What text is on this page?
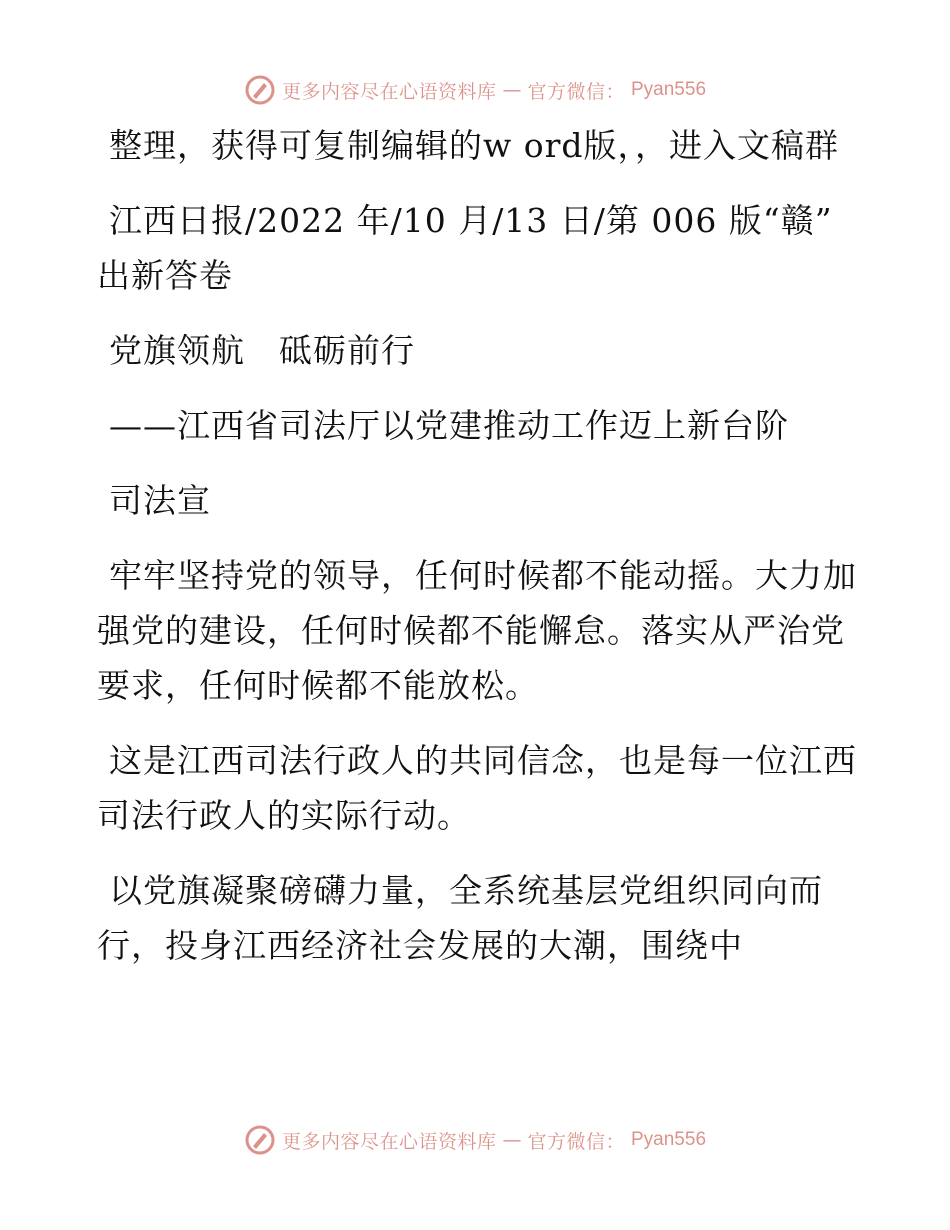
更多内容尽在心语资料库 — 官方微信： Pyan556

整理，获得可复制编辑的w ord版，，进入文稿群

江西日报/2022 年/10 月/13 日/第 006 版“赣” 出新答卷

党旗领航　砥砺前行

——江西省司法厅以党建推动工作迈上新台阶

司法宣

牢牢坚持党的领导，任何时候都不能动摇。大力加强党的建设，任何时候都不能懈怠。落实从严治党要求，任何时候都不能放松。

这是江西司法行政人的共同信念，也是每一位江西司法行政人的实际行动。

以党旗凝聚磅礴力量，全系统基层党组织同向而行，投身江西经济社会发展的大潮，围绕中

更多内容尽在心语资料库 — 官方微信： Pyan556
